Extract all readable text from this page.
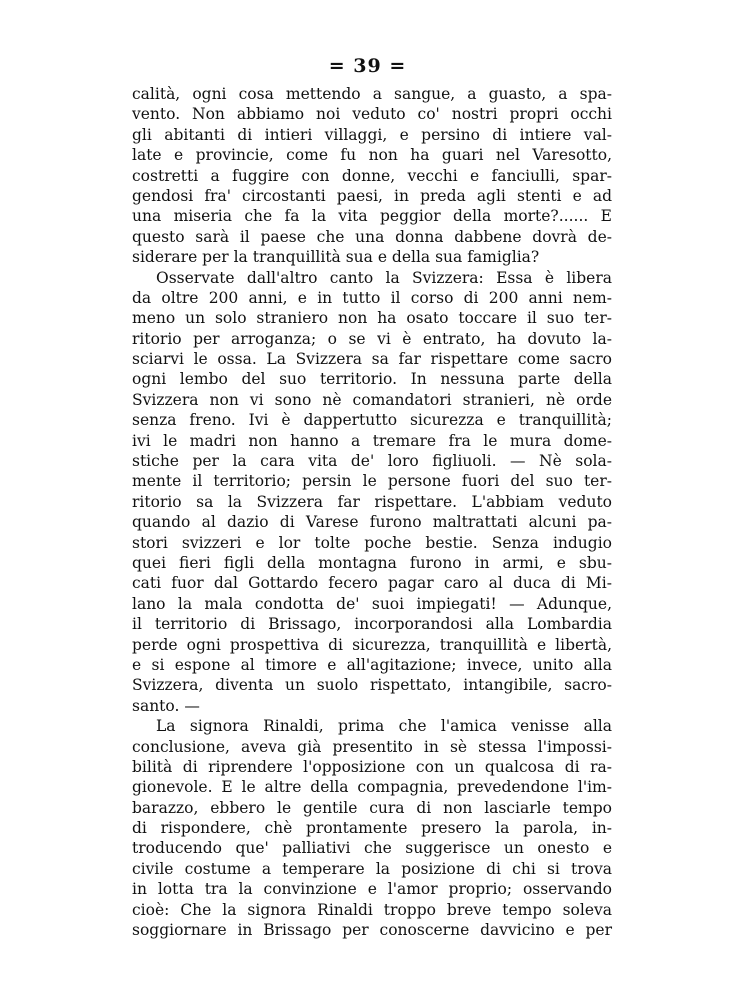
= 39 =
calità, ogni cosa mettendo a sangue, a guasto, a spa-
vento. Non abbiamo noi veduto co' nostri propri occhi
gli abitanti di intieri villaggi, e persino di intiere val-
late e provincie, come fu non ha guari nel Varesotto,
costretti a fuggire con donne, vecchi e fanciulli, spar-
gendosi fra' circostanti paesi, in preda agli stenti e ad
una miseria che fa la vita peggior della morte?...... E
questo sarà il paese che una donna dabbene dovrà de-
siderare per la tranquillità sua e della sua famiglia?
Osservate dall'altro canto la Svizzera: Essa è libera
da oltre 200 anni, e in tutto il corso di 200 anni nem-
meno un solo straniero non ha osato toccare il suo ter-
ritorio per arroganza; o se vi è entrato, ha dovuto la-
sciarvi le ossa. La Svizzera sa far rispettare come sacro
ogni lembo del suo territorio. In nessuna parte della
Svizzera non vi sono nè comandatori stranieri, nè orde
senza freno. Ivi è dappertutto sicurezza e tranquillità;
ivi le madri non hanno a tremare fra le mura dome-
stiche per la cara vita de' loro figliuoli. — Nè sola-
mente il territorio; persin le persone fuori del suo ter-
ritorio sa la Svizzera far rispettare. L'abbiam veduto
quando al dazio di Varese furono maltrattati alcuni pa-
stori svizzeri e lor tolte poche bestie. Senza indugio
quei fieri figli della montagna furono in armi, e sbu-
cati fuor dal Gottardo fecero pagar caro al duca di Mi-
lano la mala condotta de' suoi impiegati! — Adunque,
il territorio di Brissago, incorporandosi alla Lombardia
perde ogni prospettiva di sicurezza, tranquillità e libertà,
e si espone al timore e all'agitazione; invece, unito alla
Svizzera, diventa un suolo rispettato, intangibile, sacro-
santo. —
La signora Rinaldi, prima che l'amica venisse alla
conclusione, aveva già presentito in sè stessa l'impossi-
bilità di riprendere l'opposizione con un qualcosa di ra-
gionevole. E le altre della compagnia, prevedendone l'im-
barazzo, ebbero le gentile cura di non lasciarle tempo
di rispondere, chè prontamente presero la parola, in-
troducendo que' palliativi che suggerisce un onesto e
civile costume a temperare la posizione di chi si trova
in lotta tra la convinzione e l'amor proprio; osservando
cioè: Che la signora Rinaldi troppo breve tempo soleva
soggiornare in Brissago per conoscerne davvicino e per
